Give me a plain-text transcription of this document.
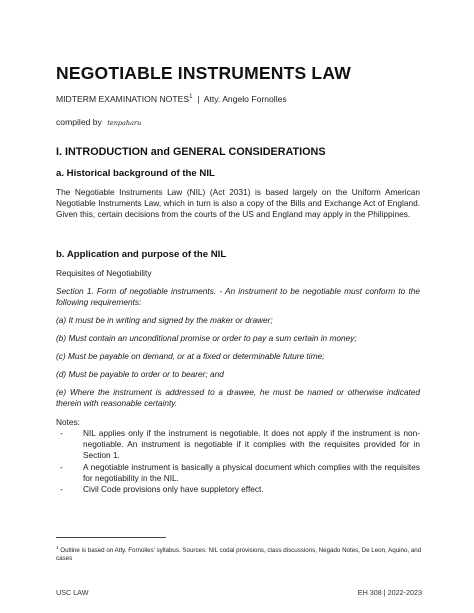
NEGOTIABLE INSTRUMENTS LAW
MIDTERM EXAMINATION NOTES$^1$ | Atty. Angelo Fornolles
compiled by tenpaharu
I. INTRODUCTION and GENERAL CONSIDERATIONS
a. Historical background of the NIL
The Negotiable Instruments Law (NIL) (Act 2031) is based largely on the Uniform American Negotiable Instruments Law, which in turn is also a copy of the Bills and Exchange Act of England. Given this, certain decisions from the courts of the US and England may apply in the Philippines.
b. Application and purpose of the NIL
Requisites of Negotiability
Section 1. Form of negotiable instruments. - An instrument to be negotiable must conform to the following requirements:
(a) It must be in writing and signed by the maker or drawer;
(b) Must contain an unconditional promise or order to pay a sum certain in money;
(c) Must be payable on demand, or at a fixed or determinable future time;
(d) Must be payable to order or to bearer; and
(e) Where the instrument is addressed to a drawee, he must be named or otherwise indicated therein with reasonable certainty.
Notes:
- NIL applies only if the instrument is negotiable. It does not apply if the instrument is non-negotiable. An instrument is negotiable if it complies with the requisites provided for in Section 1.
- A negotiable instrument is basically a physical document which complies with the requisites for negotiability in the NIL.
- Civil Code provisions only have suppletory effect.
$^1$ Outline is based on Atty. Fornolles' syllabus. Sources: NIL codal provisions, class discussions, Negado Notes, De Leon, Aquino, and cases
USC LAW	EH 308 | 2022-2023
